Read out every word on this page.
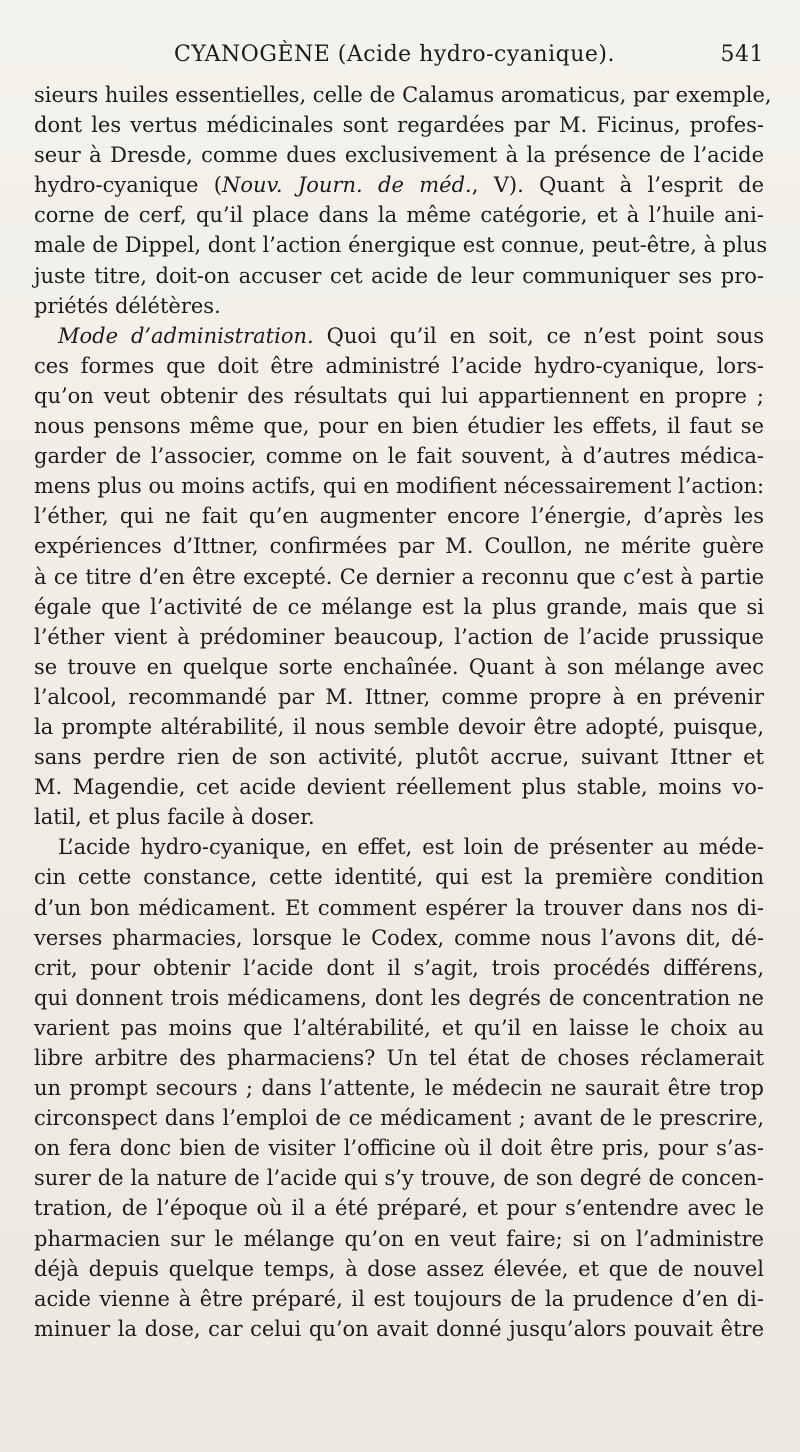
CYANOGÈNE (Acide hydro-cyanique).	541
sieurs huiles essentielles, celle de Calamus aromaticus, par exemple,
dont les vertus médicinales sont regardées par M. Ficinus, profes-
seur à Dresde, comme dues exclusivement à la présence de l’acide
hydro-cyanique (Nouv. Journ. de méd., V). Quant à l’esprit de
corne de cerf, qu’il place dans la même catégorie, et à l’huile ani-
male de Dippel, dont l’action énergique est connue, peut-être, à plus
juste titre, doit-on accuser cet acide de leur communiquer ses pro-
priétés délétères.
Mode d’administration. Quoi qu’il en soit, ce n’est point sous
ces formes que doit être administré l’acide hydro-cyanique, lors-
qu’on veut obtenir des résultats qui lui appartiennent en propre ;
nous pensons même que, pour en bien étudier les effets, il faut se
garder de l’associer, comme on le fait souvent, à d’autres médica-
mens plus ou moins actifs, qui en modifient nécessairement l’action:
l’éther, qui ne fait qu’en augmenter encore l’énergie, d’après les
expériences d’Ittner, confirmées par M. Coullon, ne mérite guère
à ce titre d’en être excepté. Ce dernier a reconnu que c’est à partie
égale que l’activité de ce mélange est la plus grande, mais que si
l’éther vient à prédominer beaucoup, l’action de l’acide prussique
se trouve en quelque sorte enchaînée. Quant à son mélange avec
l’alcool, recommandé par M. Ittner, comme propre à en prévenir
la prompte altérabilité, il nous semble devoir être adopté, puisque,
sans perdre rien de son activité, plutôt accrue, suivant Ittner et
M. Magendie, cet acide devient réellement plus stable, moins vo-
latil, et plus facile à doser.
L’acide hydro-cyanique, en effet, est loin de présenter au méde-
cin cette constance, cette identité, qui est la première condition
d’un bon médicament. Et comment espérer la trouver dans nos di-
verses pharmacies, lorsque le Codex, comme nous l’avons dit, dé-
crit, pour obtenir l’acide dont il s’agit, trois procédés différens,
qui donnent trois médicamens, dont les degrés de concentration ne
varient pas moins que l’altérabilité, et qu’il en laisse le choix au
libre arbitre des pharmaciens? Un tel état de choses réclamerait
un prompt secours ; dans l’attente, le médecin ne saurait être trop
circonspect dans l’emploi de ce médicament ; avant de le prescrire,
on fera donc bien de visiter l’officine où il doit être pris, pour s’as-
surer de la nature de l’acide qui s’y trouve, de son degré de concen-
tration, de l’époque où il a été préparé, et pour s’entendre avec le
pharmacien sur le mélange qu’on en veut faire; si on l’administre
déjà depuis quelque temps, à dose assez élevée, et que de nouvel
acide vienne à être préparé, il est toujours de la prudence d’en di-
minuer la dose, car celui qu’on avait donné jusqu’alors pouvait être
